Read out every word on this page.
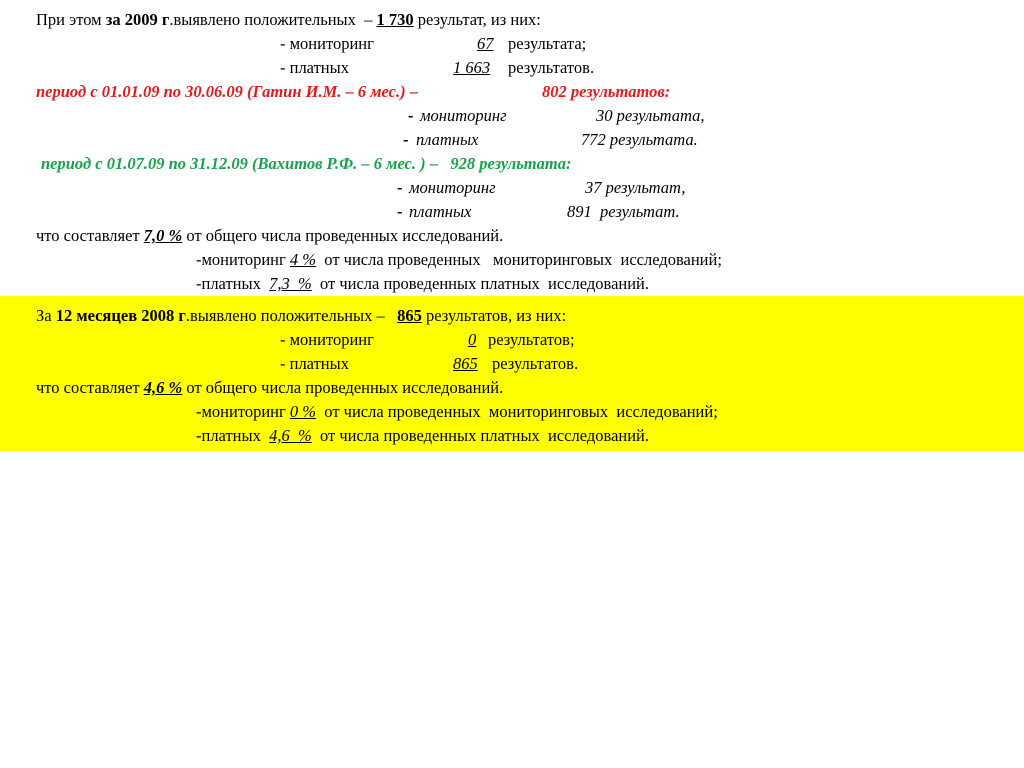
При этом за 2009 г.выявлено положительных  – 1 730 результат, из них:
- мониторинг	67 результата;
- платных	1 663 результатов.
период с 01.01.09 по 30.06.09 (Гатин И.М. – 6 мес.) –	802 результатов:
- мониторинг	30 результата,
- платных	772 результата.
период с 01.07.09 по 31.12.09 (Вахитов Р.Ф. – 6 мес. ) –   928 результата:
- мониторинг	37 результат,
- платных	891  результат.
что составляет 7,0 % от общего числа проведенных исследований.
-мониторинг 4 %  от числа проведенных   мониторинговых  исследований;
-платных  7,3  %  от числа проведенных платных  исследований.
За 12 месяцев 2008 г.выявлено положительных –   865 результатов, из них:
- мониторинг	0 результатов;
- платных	865 результатов.
что составляет 4,6 % от общего числа проведенных исследований.
-мониторинг 0 %  от числа проведенных  мониторинговых  исследований;
-платных  4,6  %  от числа проведенных платных  исследований.
